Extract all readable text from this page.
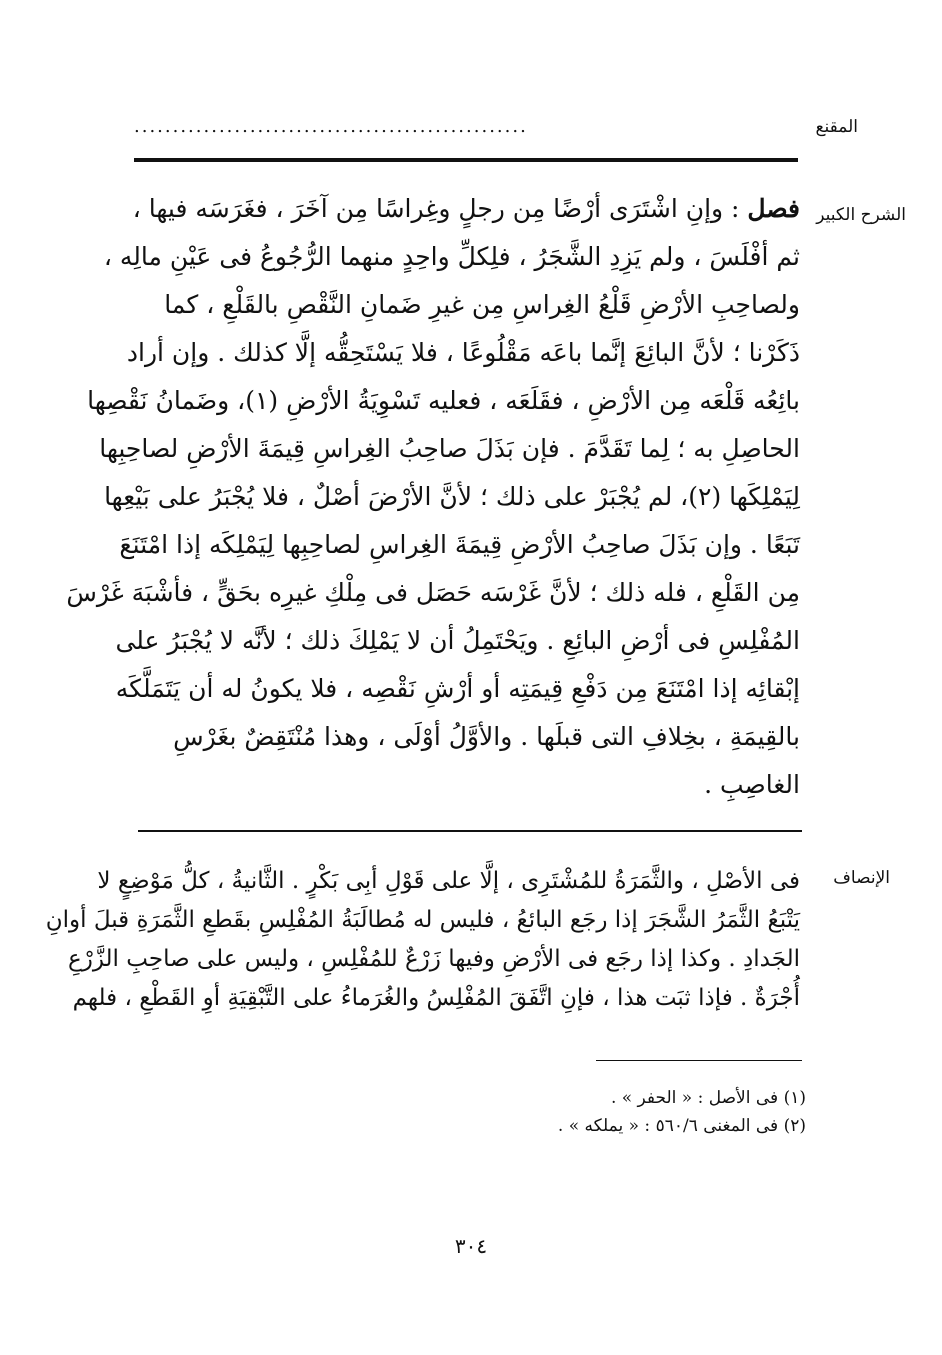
المقنع
...................................................
الشرح الكبير
فصل : وإنِ اشْتَرَى أرْضًا مِن رجلٍ وغِراسًا مِن آخَرَ ، فغَرَسَه فيها ،
ثم أفْلَسَ ، ولم يَزِدِ الشَّجَرُ ، فلِكلِّ واحِدٍ منهما الرُّجُوعُ فى عَيْنِ مالِه ،
ولصاحِبِ الأرْضِ قَلْعُ الغِراسِ مِن غيرِ ضَمانِ النَّقْصِ بالقَلْعِ ، كما
ذَكَرْنا ؛ لأنَّ البائِعَ إنَّما باعَه مَقْلُوعًا ، فلا يَسْتَحِقُّه إلَّا كذلك . وإن أراد
بائِعُه قَلْعَه مِن الأرْضِ ، فقَلَعَه ، فعليه تَسْوِيَةُ الأرْضِ (١)، وضَمانُ نَقْصِها
الحاصِلِ به ؛ لِما تَقَدَّمَ . فإن بَذَلَ صاحِبُ الغِراسِ قِيمَةَ الأرْضِ لصاحِبِها
لِيَمْلِكَها (٢)، لم يُجْبَرْ على ذلك ؛ لأنَّ الأرْضَ أصْلٌ ، فلا يُجْبَرُ على بَيْعِها
تَبَعًا . وإن بَذَلَ صاحِبُ الأرْضِ قِيمَةَ الغِراسِ لصاحِبِها لِيَمْلِكَه إذا امْتَنَعَ
مِن القَلْعِ ، فله ذلك ؛ لأنَّ غَرْسَه حَصَل فى مِلْكِ غيرِه بحَقٍّ ، فأشْبَهَ غَرْسَ
المُفْلِسِ فى أرْضِ البائِعِ . ويَحْتَمِلُ أن لا يَمْلِكَ ذلك ؛ لأنَّه لا يُجْبَرُ على
إبْقائِه إذا امْتَنَعَ مِن دَفْعِ قِيمَتِه أو أرْشِ نَقْصِه ، فلا يكونُ له أن يَتَمَلَّكَه
بالقِيمَةِ ، بخِلافِ التى قبلَها . والأوَّلُ أوْلَى ، وهذا مُنْتَقِضٌ بغَرْسِ
الغاصِبِ .
الإنصاف
فى الأصْلِ ، والثَّمَرَةُ للمُشْتَرِى ، إلَّا على قَوْلِ أبِى بَكْرٍ . الثَّانيةُ ، كلُّ مَوْضِعٍ لا
يَتْبَعُ الثَّمَرُ الشَّجَرَ إذا رجَع البائعُ ، فليس له مُطالَبَةُ المُفْلِسِ بقَطعِ الثَّمَرَةِ قبلَ أوانِ
الجَدادِ . وكذا إذا رجَع فى الأرْضِ وفيها زَرْعٌ للمُفْلِسِ ، وليس على صاحِبِ الزَّرْعِ
أُجْرَةٌ . فإذا ثبَت هذا ، فإنِ اتَّفَقَ المُفْلِسُ والغُرَماءُ على التَّبْقِيَةِ أوِ القَطْعِ ، فلهم
(١) فى الأصل : « الحفر » .
(٢) فى المغنى ٥٦٠/٦ : « يملكه » .
٣٠٤
